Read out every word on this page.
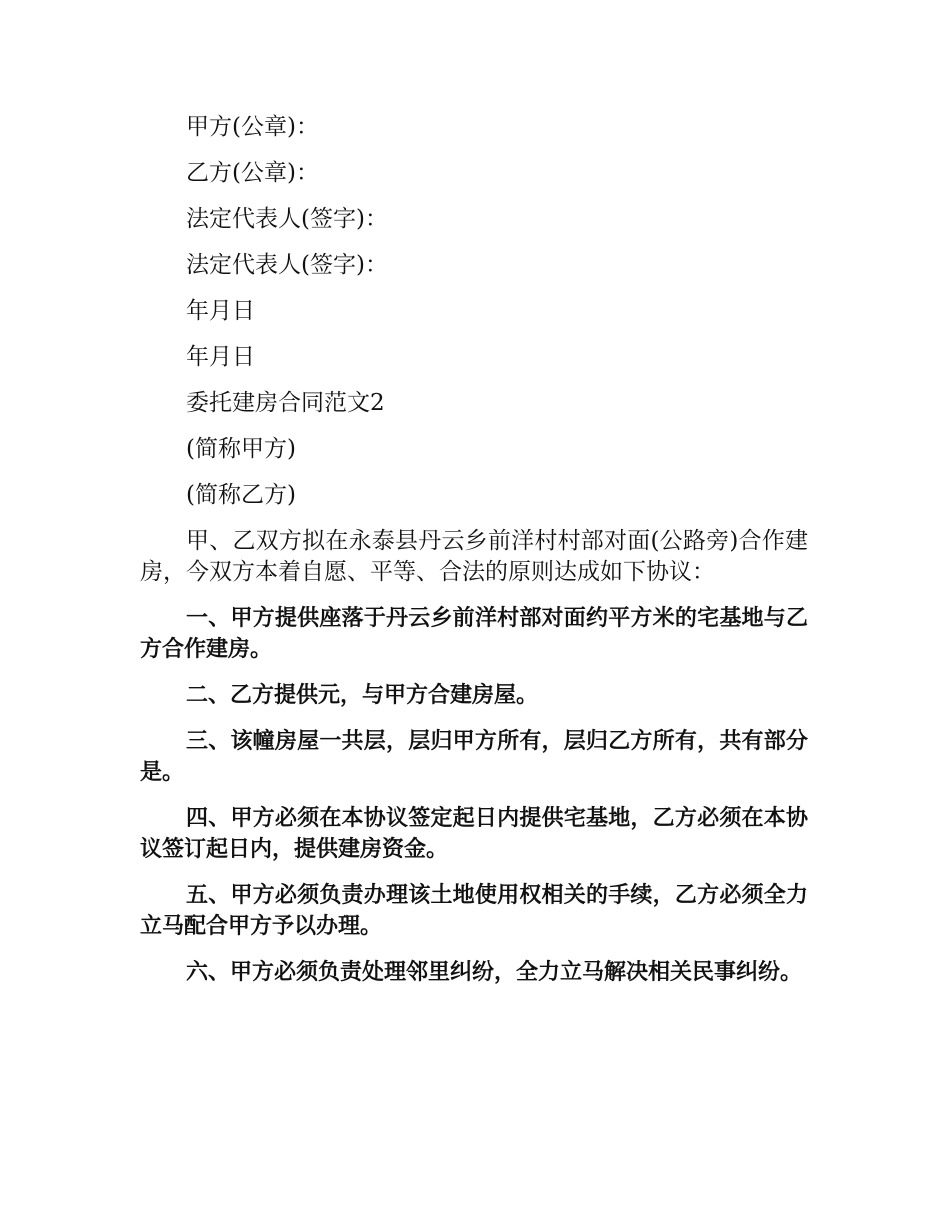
甲方(公章)：

乙方(公章)：

法定代表人(签字)：

法定代表人(签字)：

年月日

年月日

委托建房合同范文2

(简称甲方)

(简称乙方)

甲、乙双方拟在永泰县丹云乡前洋村村部对面(公路旁)合作建房，今双方本着自愿、平等、合法的原则达成如下协议：

一、甲方提供座落于丹云乡前洋村部对面约平方米的宅基地与乙方合作建房。

二、乙方提供元，与甲方合建房屋。

三、该幢房屋一共层，层归甲方所有，层归乙方所有，共有部分是。

四、甲方必须在本协议签定起日内提供宅基地，乙方必须在本协议签订起日内，提供建房资金。

五、甲方必须负责办理该土地使用权相关的手续，乙方必须全力立马配合甲方予以办理。

六、甲方必须负责处理邻里纠纷，全力立马解决相关民事纠纷。
